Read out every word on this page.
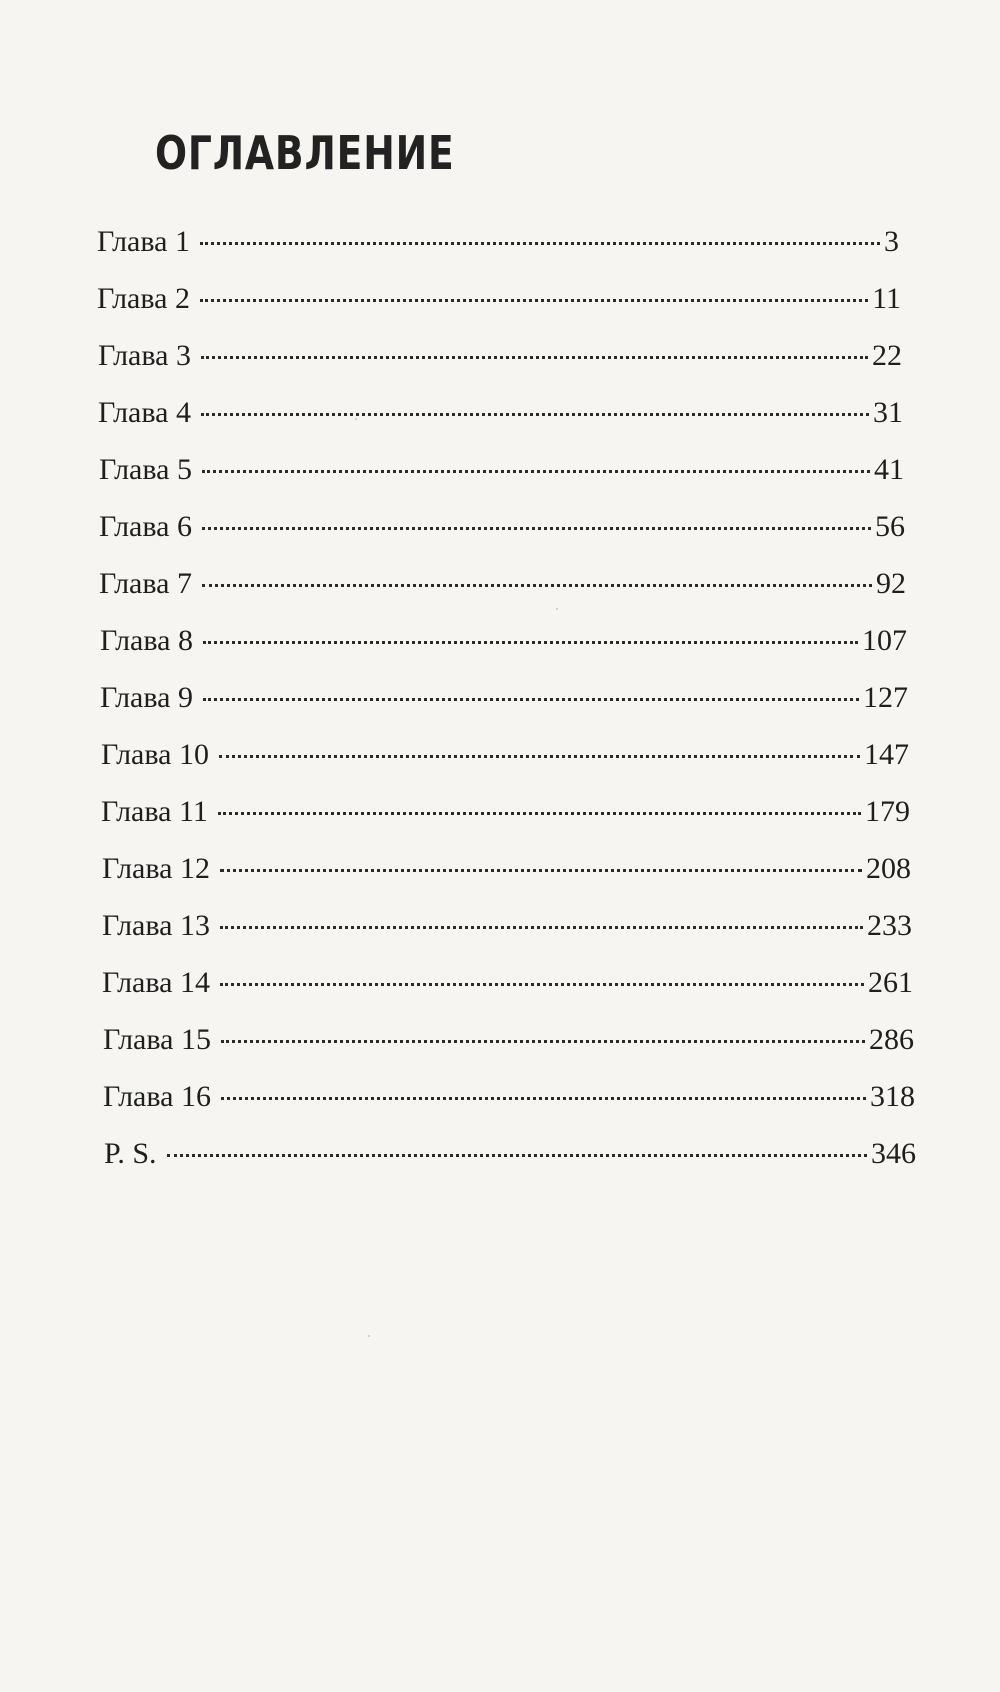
ОГЛАВЛЕНИЕ
Глава 1	3
Глава 2	11
Глава 3	22
Глава 4	31
Глава 5	41
Глава 6	56
Глава 7	92
Глава 8	107
Глава 9	127
Глава 10	147
Глава 11	179
Глава 12	208
Глава 13	233
Глава 14	261
Глава 15	286
Глава 16	318
P. S.	346
